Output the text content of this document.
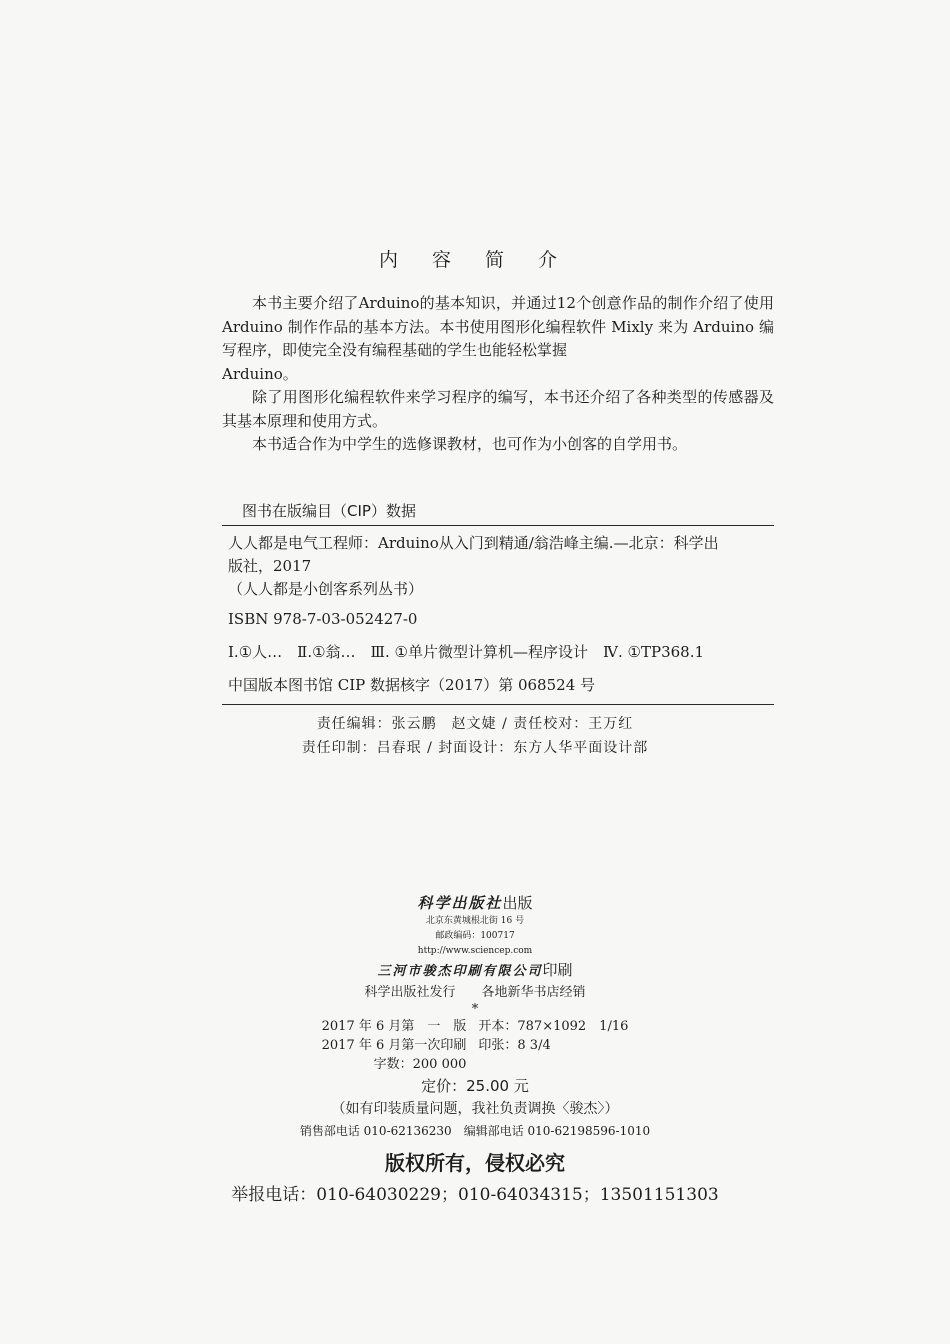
内 容 简 介

本书主要介绍了Arduino的基本知识，并通过12个创意作品的制作介绍了使用 Arduino 制作作品的基本方法。本书使用图形化编程软件 Mixly 来为 Arduino 编写程序，即使完全没有编程基础的学生也能轻松掌握

Arduino。

除了用图形化编程软件来学习程序的编写，本书还介绍了各种类型的传感器及其基本原理和使用方式。

本书适合作为中学生的选修课教材，也可作为小创客的自学用书。

图书在版编目（CIP）数据
人人都是电气工程师：Arduino从入门到精通/翁浩峰主编.—北京：科学出
版社，2017
（人人都是小创客系列丛书）
ISBN 978-7-03-052427-0
Ⅰ.①人…　Ⅱ.①翁…　Ⅲ. ①单片微型计算机—程序设计　Ⅳ. ①TP368.1
中国版本图书馆 CIP 数据核字（2017）第 068524 号
责任编辑：张云鹏　赵文婕 / 责任校对：王万红
责任印制：吕春珉 / 封面设计：东方人华平面设计部
科学出版社出版
北京东黄城根北街 16 号
邮政编码：100717
http://www.sciencep.com
三河市骏杰印刷有限公司印刷
科学出版社发行　　各地新华书店经销
*
2017 年 6 月第　一　版	开本：787×1092　1/16
2017 年 6 月第一次印刷	印张：8 3/4
字数：200 000	
定价：25.00 元
（如有印装质量问题，我社负责调换〈骏杰〉）
销售部电话 010-62136230　编辑部电话 010-62198596-1010
版权所有，侵权必究
举报电话：010-64030229；010-64034315；13501151303
